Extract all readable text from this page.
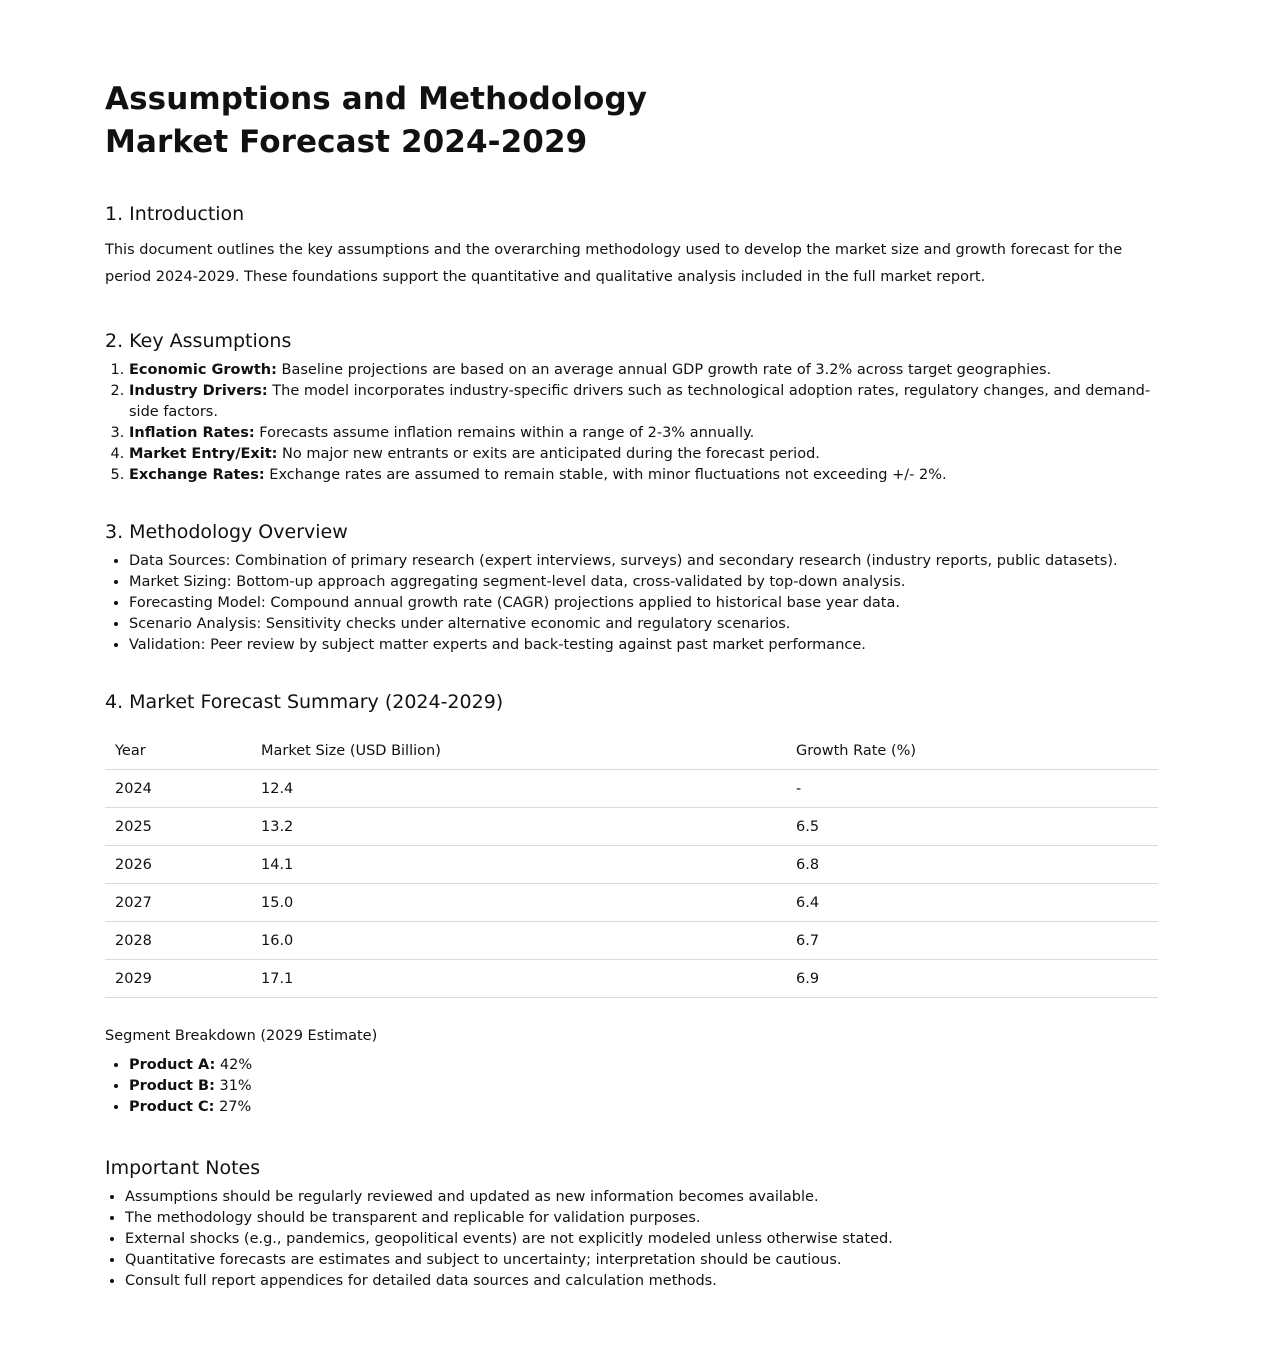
Assumptions and Methodology
Market Forecast 2024-2029
1. Introduction

This document outlines the key assumptions and the overarching methodology used to develop the market size and growth forecast for the period 2024-2029. These foundations support the quantitative and qualitative analysis included in the full market report.

2. Key Assumptions
1. Economic Growth: Baseline projections are based on an average annual GDP growth rate of 3.2% across target geographies.
2. Industry Drivers: The model incorporates industry-specific drivers such as technological adoption rates, regulatory changes, and demand-side factors.
3. Inflation Rates: Forecasts assume inflation remains within a range of 2-3% annually.
4. Market Entry/Exit: No major new entrants or exits are anticipated during the forecast period.
5. Exchange Rates: Exchange rates are assumed to remain stable, with minor fluctuations not exceeding +/- 2%.
3. Methodology Overview
• Data Sources: Combination of primary research (expert interviews, surveys) and secondary research (industry reports, public datasets).
• Market Sizing: Bottom-up approach aggregating segment-level data, cross-validated by top-down analysis.
• Forecasting Model: Compound annual growth rate (CAGR) projections applied to historical base year data.
• Scenario Analysis: Sensitivity checks under alternative economic and regulatory scenarios.
• Validation: Peer review by subject matter experts and back-testing against past market performance.
4. Market Forecast Summary (2024-2029)
Year	Market Size (USD Billion)	Growth Rate (%)
2024	12.4	-
2025	13.2	6.5
2026	14.1	6.8
2027	15.0	6.4
2028	16.0	6.7
2029	17.1	6.9
Segment Breakdown (2029 Estimate)
• Product A: 42%
• Product B: 31%
• Product C: 27%
Important Notes
• Assumptions should be regularly reviewed and updated as new information becomes available.
• The methodology should be transparent and replicable for validation purposes.
• External shocks (e.g., pandemics, geopolitical events) are not explicitly modeled unless otherwise stated.
• Quantitative forecasts are estimates and subject to uncertainty; interpretation should be cautious.
• Consult full report appendices for detailed data sources and calculation methods.
